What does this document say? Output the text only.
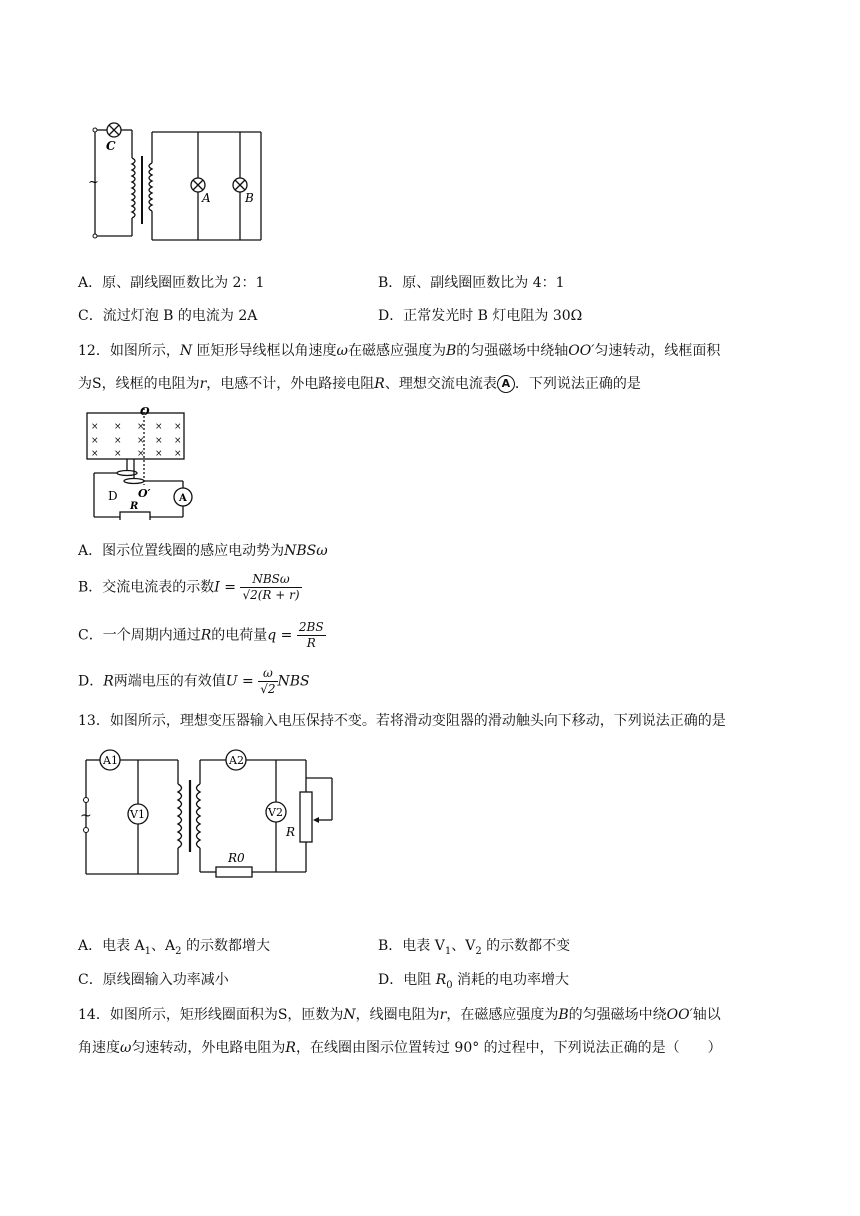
C
~
A	B
A．原、副线圈匝数比为 2：1	B．原、副线圈匝数比为 4：1
C．流过灯泡 B 的电流为 2A	D．正常发光时 B 灯电阻为 30Ω
12．如图所示，N 匝矩形导线框以角速度ω在磁感应强度为B的匀强磁场中绕轴OO′匀速转动，线框面积
为S，线框的电阻为r，电感不计，外电路接电阻R、理想交流电流表 A ．下列说法正确的是
× × × × ×
× × × × ×
× × × × ×
O
O′
D
R
A
A．图示位置线圈的感应电动势为NBSω
B．交流电流表的示数$I = \frac{\text{NBSω}}{√2(R + r)}$
C．一个周期内通过R的电荷量$q = \frac{2BS}{R}$
D．R两端电压的有效值$U = \frac{\omega}{√2}$ NBS
13．如图所示，理想变压器输入电压保持不变。若将滑动变阻器的滑动触头向下移动，下列说法正确的是
~
A1	A2
V1	V2
R
R0
A．电表 $A_1$、$A_2$ 的示数都增大	B．电表 $V_1$、$V_2$ 的示数都不变
C．原线圈输入功率减小	D．电阻 $R_0$ 消耗的电功率增大
14．如图所示，矩形线圈面积为S，匝数为N，线圈电阻为r，在磁感应强度为B的匀强磁场中绕OO′轴以
角速度ω匀速转动，外电路电阻为R，在线圈由图示位置转过 90° 的过程中，下列说法正确的是（　　）
